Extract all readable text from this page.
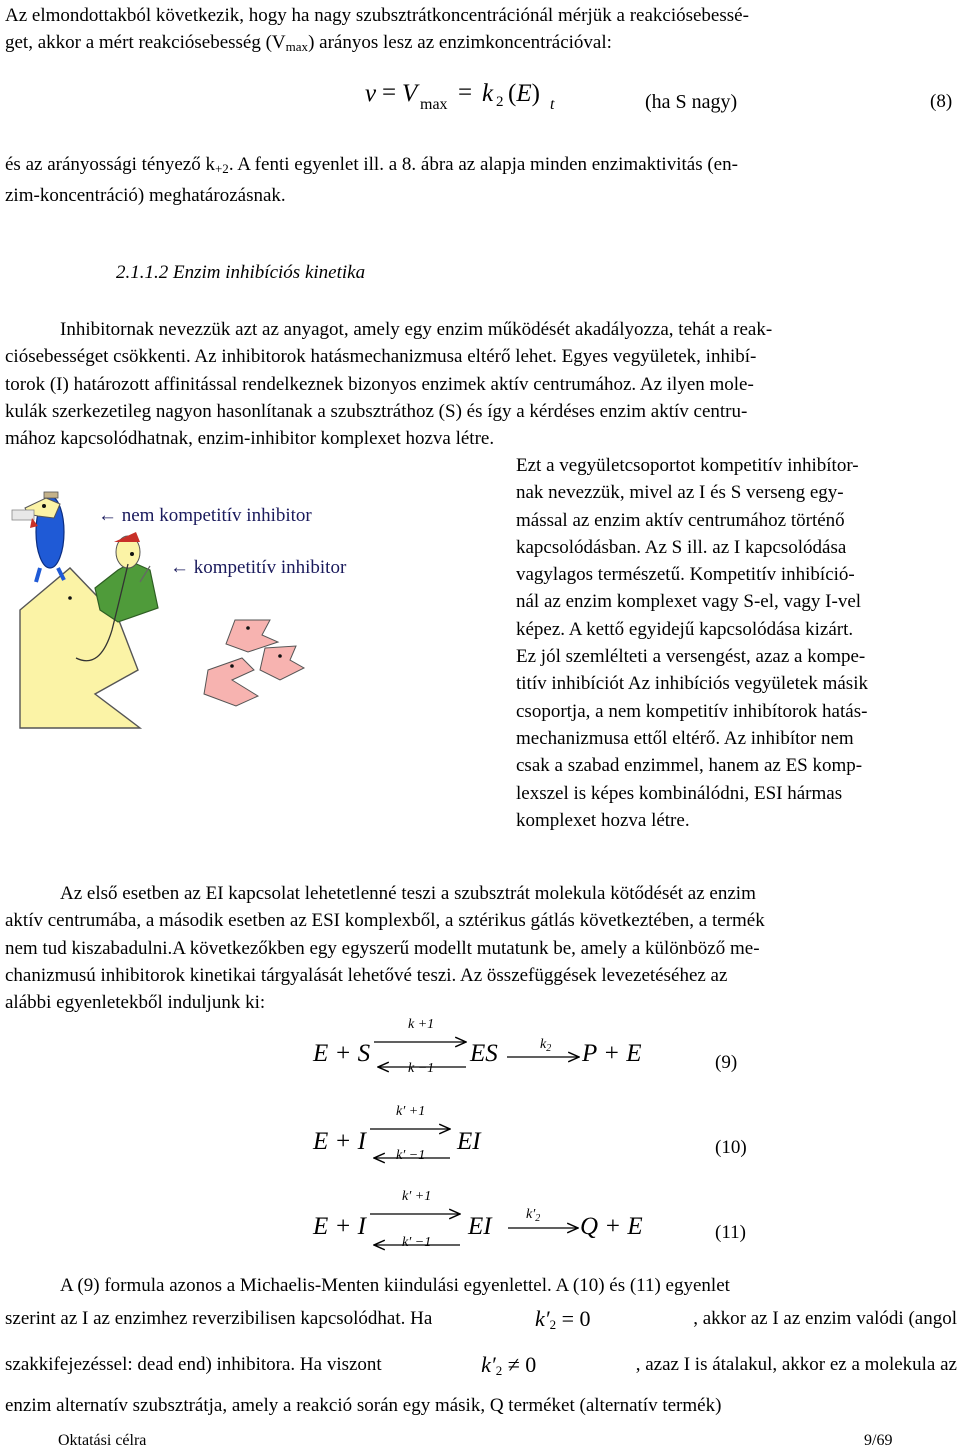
Az elmondottakból következik, hogy ha nagy szubsztrátkoncentrációnál mérjük a reakciósebessé-
get, akkor a mért reakciósebesség $(V_{max})$ arányos lesz az enzimkoncentrációval:
v = V max = k 2 (E) t	(ha S nagy)	(8)
és az arányossági tényező $k_{+2}$. A fenti egyenlet ill. a 8. ábra az alapja minden enzimaktivitás (en-
zim-koncentráció) meghatározásnak.
2.1.1.2 Enzim inhibíciós kinetika
Inhibitornak nevezzük azt az anyagot, amely egy enzim működését akadályozza, tehát a reak-
ciósebességet csökkenti. Az inhibitorok hatásmechanizmusa eltérő lehet. Egyes vegyületek, inhibí-
torok (I) határozott affinitással rendelkeznek bizonyos enzimek aktív centrumához. Az ilyen mole-
kulák szerkezetileg nagyon hasonlítanak a szubsztráthoz (S) és így a kérdéses enzim aktív centru-
mához kapcsolódhatnak, enzim-inhibitor komplexet hozva létre.
← nem kompetitív inhibitor
← kompetitív inhibitor
Ezt a vegyületcsoportot kompetitív inhibítor-
nak nevezzük, mivel az I és S verseng egy-
mással az enzim aktív centrumához történő
kapcsolódásban. Az S ill. az I kapcsolódása
vagylagos természetű. Kompetitív inhibíció-
nál az enzim komplexet vagy S-el, vagy I-vel
képez. A kettő egyidejű kapcsolódása kizárt.
Ez jól szemlélteti a versengést, azaz a kompe-
titív inhibíciót Az inhibíciós vegyületek másik
csoportja, a nem kompetitív inhibítorok hatás-
mechanizmusa ettől eltérő. Az inhibítor nem
csak a szabad enzimmel, hanem az ES komp-
lexszel is képes kombinálódni, ESI hármas
komplexet hozva létre.
Az első esetben az EI kapcsolat lehetetlenné teszi a szubsztrát molekula kötődését az enzim
aktív centrumába, a második esetben az ESI komplexből, a sztérikus gátlás következtében, a termék
nem tud kiszabadulni.A következőkben egy egyszerű modellt mutatunk be, amely a különböző me-
chanizmusú inhibitorok kinetikai tárgyalását lehetővé teszi. Az összefüggések levezetéséhez az
alábbi egyenletekből induljunk ki:
E + S
k +1
k −1
ES	$k_2$ P + E	(9)
E + I
k′ +1
k′ −1
EI	(10)
E + I
k′ +1
k′ −1
EI $k'_2$ Q + E	(11)
A (9) formula azonos a Michaelis-Menten kiindulási egyenlettel. A (10) és (11) egyenlet
szerint az I az enzimhez reverzibilisen kapcsolódhat. Ha	$k'_2 = 0$	, akkor az I az enzim valódi (angol
szakkifejezéssel: dead end) inhibitora. Ha viszont	$k'_2 \ne 0$	, azaz I is átalakul, akkor ez a molekula az
enzim alternatív szubsztrátja, amely a reakció során egy másik, Q terméket (alternatív termék)
Oktatási célra	9/69
